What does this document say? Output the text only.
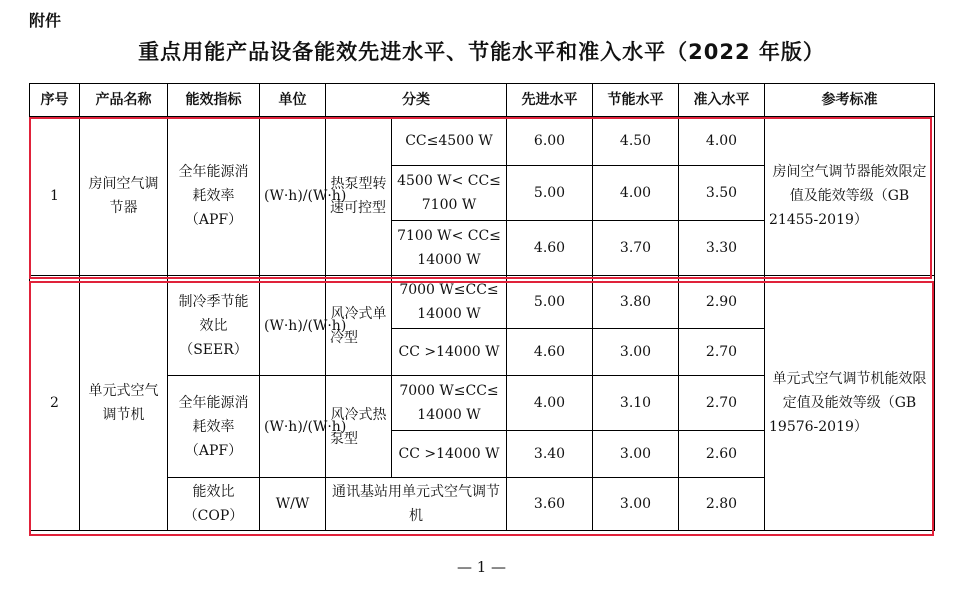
附件
重点用能产品设备能效先进水平、节能水平和准入水平（2022 年版）
序号	产品名称	能效指标	单位	分类		先进水平	节能水平	准入水平	参考标准
1	房间空气调节器	全年能源消耗效率（APF）	(W·h)/(W·h)	热泵型转速可控型	CC≤4500 W	6.00	4.50	4.00	房间空气调节器能效限定值及能效等级（GB 21455-2019）
					4500 W< CC≤ 7100 W	5.00	4.00	3.50	
					7100 W< CC≤ 14000 W	4.60	3.70	3.30	
2	单元式空气调节机	制冷季节能效比（SEER）	(W·h)/(W·h)	风冷式单冷型	7000 W≤CC≤ 14000 W	5.00	3.80	2.90	单元式空气调节机能效限定值及能效等级（GB 19576-2019）
					CC >14000 W	4.60	3.00	2.70	
		全年能源消耗效率（APF）	(W·h)/(W·h)	风冷式热泵型	7000 W≤CC≤ 14000 W	4.00	3.10	2.70	
					CC >14000 W	3.40	3.00	2.60	
		能效比（COP）	W/W	通讯基站用单元式空气调节机		3.60	3.00	2.80	
— 1 —
